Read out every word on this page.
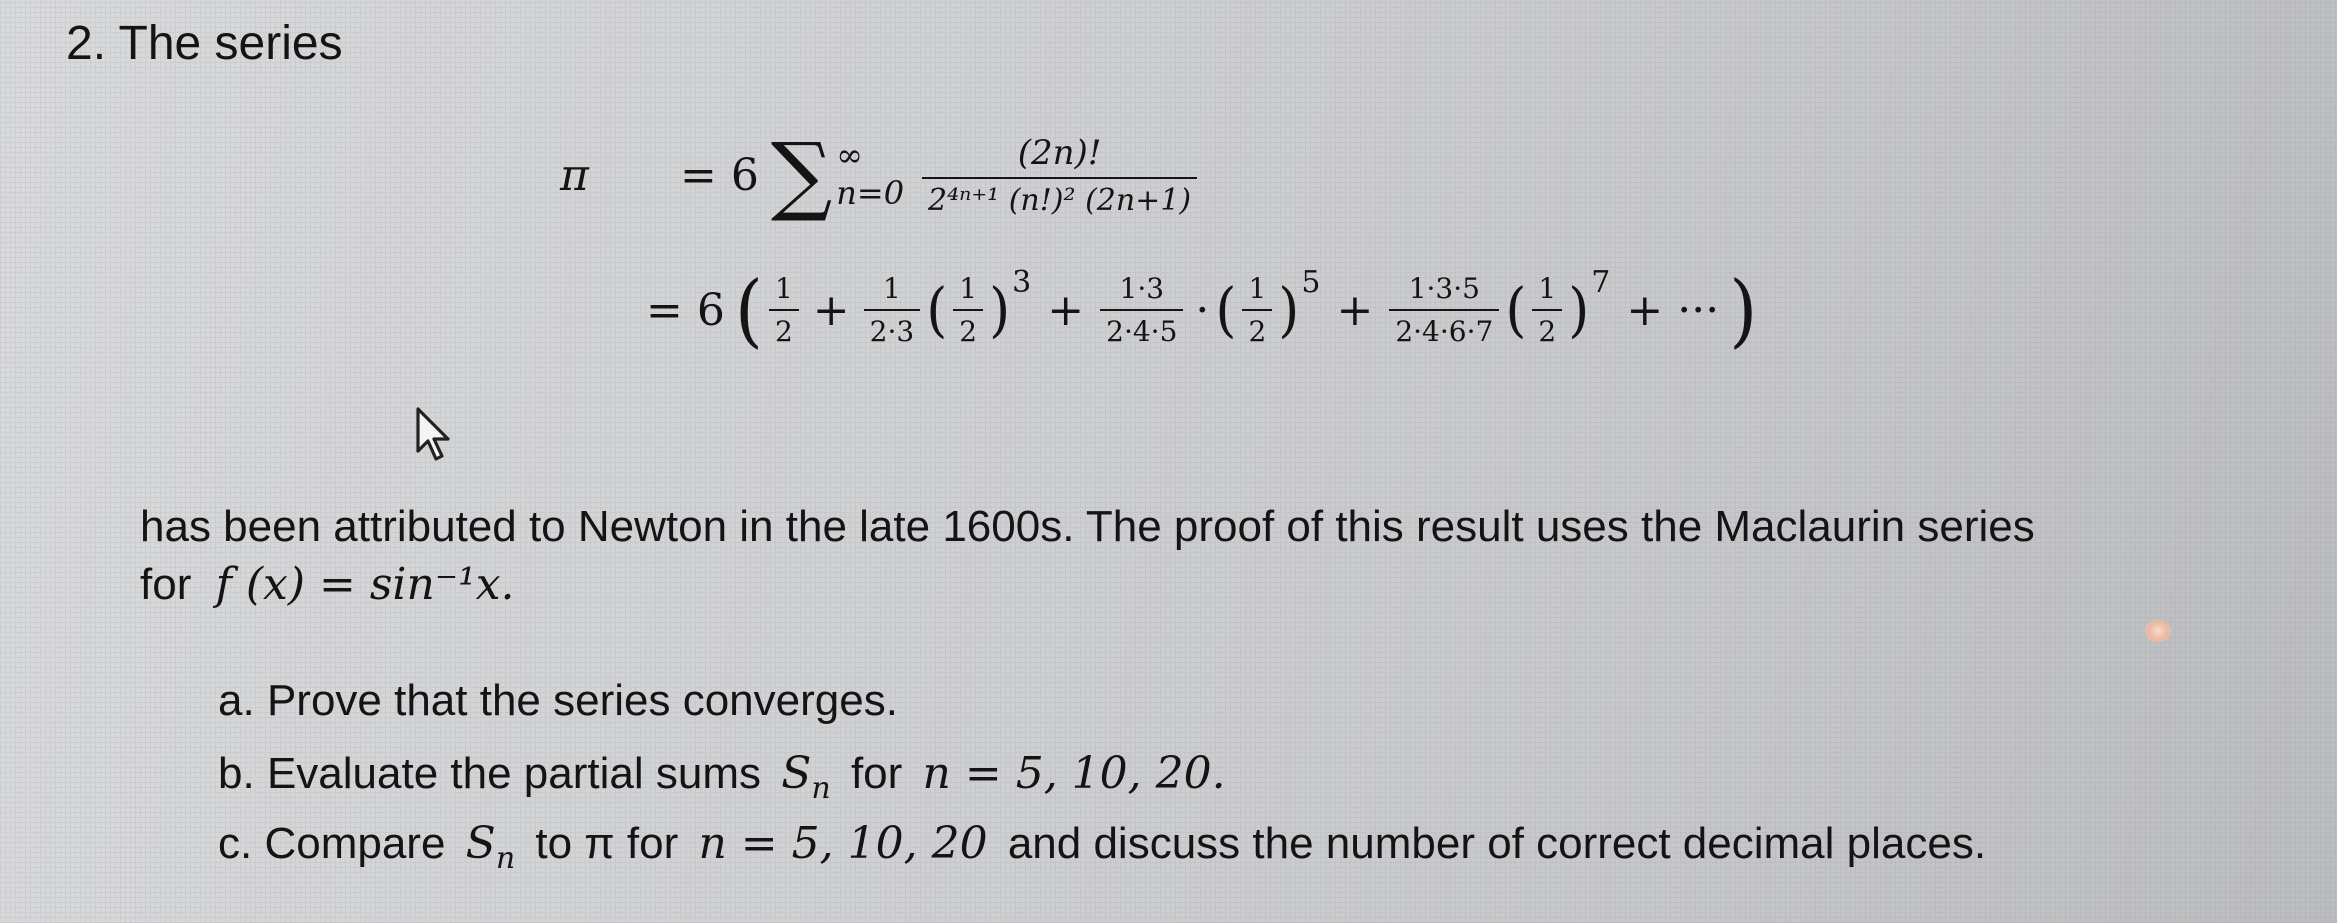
2. The series
π	= 6 ∑ ∞
$n=0 \frac{(2n)!}{\text{2⁴ⁿ⁺¹ (n!)² (2n+1)}}$
= 6 ( $\frac{1}{2} + \frac{1}{2\cdot 3}$ ( $\frac{1}{2}$ ) 3
+ $\frac{1\cdot 3}{2\cdot 4\cdot 5}$ · ( $\frac{1}{2}$ ) 5
+ $\frac{1\cdot 3\cdot 5}{2\cdot 4\cdot 6\cdot 7}$ ( $\frac{1}{2}$ ) 7
+ ··· )
has been attributed to Newton in the late 1600s. The proof of this result uses the Maclaurin series
for f (x) = sin⁻¹x.
a. Prove that the series converges.
b. Evaluate the partial sums $S_n$ for n = 5, 10, 20.
c. Compare $S_n$ to π for n = 5, 10, 20 and discuss the number of correct decimal places.
